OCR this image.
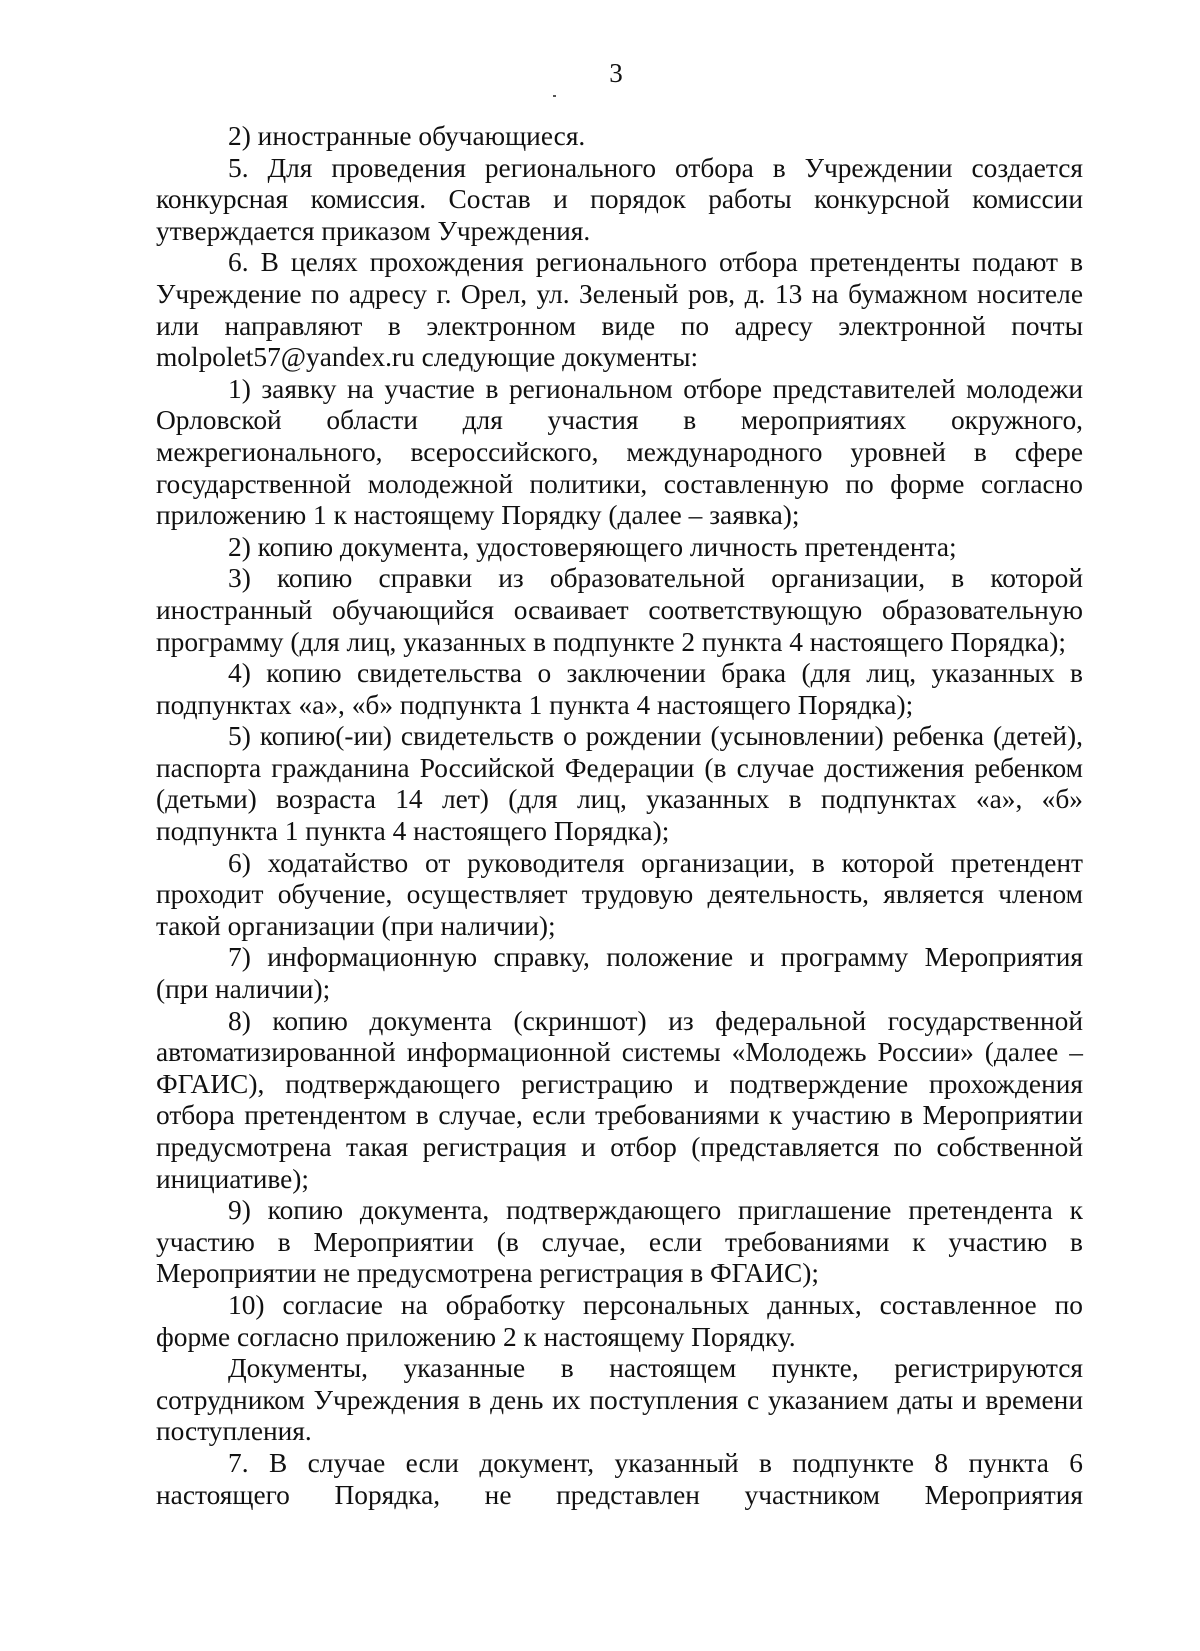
3

2) иностранные обучающиеся.

5. Для проведения регионального отбора в Учреждении создается конкурсная комиссия. Состав и порядок работы конкурсной комиссии утверждается приказом Учреждения.

6. В целях прохождения регионального отбора претенденты подают в Учреждение по адресу г. Орел, ул. Зеленый ров, д. 13 на бумажном носителе или направляют в электронном виде по адресу электронной почты molpolet57@yandex.ru следующие документы:

1) заявку на участие в региональном отборе представителей молодежи Орловской области для участия в мероприятиях окружного, межрегионального, всероссийского, международного уровней в сфере государственной молодежной политики, составленную по форме согласно приложению 1 к настоящему Порядку (далее – заявка);

2) копию документа, удостоверяющего личность претендента;

3) копию справки из образовательной организации, в которой иностранный обучающийся осваивает соответствующую образовательную программу (для лиц, указанных в подпункте 2 пункта 4 настоящего Порядка);

4) копию свидетельства о заключении брака (для лиц, указанных в подпунктах «а», «б» подпункта 1 пункта 4 настоящего Порядка);

5) копию(-ии) свидетельств о рождении (усыновлении) ребенка (детей), паспорта гражданина Российской Федерации (в случае достижения ребенком (детьми) возраста 14 лет) (для лиц, указанных в подпунктах «а», «б» подпункта 1 пункта 4 настоящего Порядка);

6) ходатайство от руководителя организации, в которой претендент проходит обучение, осуществляет трудовую деятельность, является членом такой организации (при наличии);

7) информационную справку, положение и программу Мероприятия (при наличии);

8) копию документа (скриншот) из федеральной государственной автоматизированной информационной системы «Молодежь России» (далее – ФГАИС), подтверждающего регистрацию и подтверждение прохождения отбора претендентом в случае, если требованиями к участию в Мероприятии предусмотрена такая регистрация и отбор (представляется по собственной инициативе);

9) копию документа, подтверждающего приглашение претендента к участию в Мероприятии (в случае, если требованиями к участию в Мероприятии не предусмотрена регистрация в ФГАИС);

10) согласие на обработку персональных данных, составленное по форме согласно приложению 2 к настоящему Порядку.

Документы, указанные в настоящем пункте, регистрируются сотрудником Учреждения в день их поступления с указанием даты и времени поступления.

7. В случае если документ, указанный в подпункте 8 пункта 6 настоящего Порядка, не представлен участником Мероприятия
